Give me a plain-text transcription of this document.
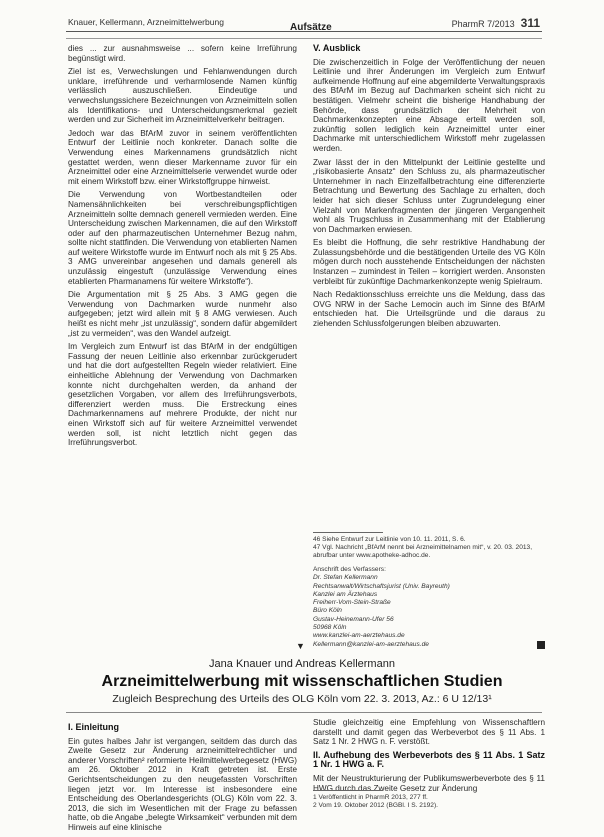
Knauer, Kellermann, Arzneimittelwerbung	Aufsätze	PharmR 7/2013 311

dies ... zur ausnahmsweise ... sofern keine Irreführung begünstigt wird.

Ziel ist es, Verwechslungen und Fehlanwendungen durch unklare, irreführende und verharmlosende Namen künftig verlässlich auszuschließen. Eindeutige und verwechslungssichere Bezeichnungen von Arzneimitteln sollen als Identifikations- und Unterscheidungsmerkmal gezielt werden und zur Sicherheit im Arzneimittelverkehr beitragen.

Jedoch war das BfArM zuvor in seinem veröffentlichten Entwurf der Leitlinie noch konkreter. Danach sollte die Verwendung eines Markennamens grundsätzlich nicht gestattet werden, wenn dieser Markenname zuvor für ein Arzneimittel oder eine Arzneimittelserie verwendet wurde oder mit einem Wirkstoff bzw. einer Wirkstoffgruppe hinweist.

Die Verwendung von Wortbestandteilen oder Namensähnlichkeiten bei verschreibungspflichtigen Arzneimitteln sollte demnach generell vermieden werden. Eine Unterscheidung zwischen Markennamen, die auf den Wirkstoff oder auf den pharmazeutischen Unternehmer Bezug nahm, sollte nicht stattfinden. Die Verwendung von etablierten Namen auf weitere Wirkstoffe wurde im Entwurf noch als mit § 25 Abs. 3 AMG unvereinbar angesehen und damals generell als unzulässig eingestuft (unzulässige Verwendung eines etablierten Pharmanamens für weitere Wirkstoffe“).

Die Argumentation mit § 25 Abs. 3 AMG gegen die Verwendung von Dachmarken wurde nunmehr also aufgegeben; jetzt wird allein mit § 8 AMG verwiesen. Auch heißt es nicht mehr „ist unzulässig“, sondern dafür abgemildert „ist zu vermeiden“, was den Wandel aufzeigt.

Im Vergleich zum Entwurf ist das BfArM in der endgültigen Fassung der neuen Leitlinie also erkennbar zurückgerudert und hat die dort aufgestellten Regeln wieder relativiert. Eine einheitliche Ablehnung der Verwendung von Dachmarken konnte nicht durchgehalten werden, da anhand der gesetzlichen Vorgaben, vor allem des Irreführungsverbots, differenziert werden muss. Die Erstreckung eines Dachmarkennamens auf mehrere Produkte, der nicht nur einen Wirkstoff sich auf für weitere Arzneimittel verwendet werden soll, ist nicht letztlich nicht gegen das Irreführungsverbot.

V. Ausblick

Die zwischenzeitlich in Folge der Veröffentlichung der neuen Leitlinie und ihrer Änderungen im Vergleich zum Entwurf aufkeimende Hoffnung auf eine abgemilderte Verwaltungspraxis des BfArM im Bezug auf Dachmarken scheint sich nicht zu bestätigen. Vielmehr scheint die bisherige Handhabung der Behörde, dass grundsätzlich der Mehrheit von Dachmarkenkonzepten eine Absage erteilt werden soll, zukünftig sollen lediglich kein Arzneimittel unter einer Dachmarke mit unterschiedlichem Wirkstoff mehr zugelassen werden.

Zwar lässt der in den Mittelpunkt der Leitlinie gestellte und „risikobasierte Ansatz“ den Schluss zu, als pharmazeutischer Unternehmer in nach Einzelfallbetrachtung eine differenzierte Betrachtung und Bewertung des Sachlage zu erhalten, doch leider hat sich dieser Schluss unter Zugrundelegung einer Vielzahl von Markenfragmenten der jüngeren Vergangenheit wohl als Trugschluss in Zusammenhang mit der Etablierung von Dachmarken erwiesen.

Es bleibt die Hoffnung, die sehr restriktive Handhabung der Zulassungsbehörde und die bestätigenden Urteile des VG Köln mögen durch noch ausstehende Entscheidungen der nächsten Instanzen – zumindest in Teilen – korrigiert werden. Ansonsten verbleibt für zukünftige Dachmarkenkonzepte wenig Spielraum.

Nach Redaktionsschluss erreichte uns die Meldung, dass das OVG NRW in der Sache Lemocin auch im Sinne des BfArM entschieden hat. Die Urteilsgründe und die daraus zu ziehenden Schlussfolgerungen bleiben abzuwarten.

46 Siehe Entwurf zur Leitlinie von 10. 11. 2011, S. 6.

47 Vgl. Nachricht „BfArM nennt bei Arzneimittelnamen mit“, v. 20. 03. 2013, abrufbar unter www.apotheke-adhoc.de.

Anschrift des Verfassers:
Dr. Stefan Kellermann
Rechtsanwalt/Wirtschaftsjurist (Univ. Bayreuth)
Kanzlei am Ärztehaus
Freiherr-Vom-Stein-Straße
Büro Köln
Gustav-Heinemann-Ufer 56
50968 Köln
www.kanzlei-am-aerztehaus.de
Kellermann@kanzlei-am-aerztehaus.de
▼
Jana Knauer und Andreas Kellermann
Arzneimittelwerbung mit wissenschaftlichen Studien
Zugleich Besprechung des Urteils des OLG Köln vom 22. 3. 2013, Az.: 6 U 12/13¹
I. Einleitung

Ein gutes halbes Jahr ist vergangen, seitdem das durch das Zweite Gesetz zur Änderung arzneimittelrechtlicher und anderer Vorschriften² reformierte Heilmittelwerbegesetz (HWG) am 26. Oktober 2012 in Kraft getreten ist. Erste Gerichtsentscheidungen zu den neugefassten Vorschriften liegen jetzt vor. Im Interesse ist insbesondere eine Entscheidung des Oberlandesgerichts (OLG) Köln vom 22. 3. 2013, die sich im Wesentlichen mit der Frage zu befassen hatte, ob die Angabe „belegte Wirksamkeit“ verbunden mit dem Hinweis auf eine klinische

Studie gleichzeitig eine Empfehlung von Wissenschaftlern darstellt und damit gegen das Werbeverbot des § 11 Abs. 1 Satz 1 Nr. 2 HWG n. F. verstößt.

II. Aufhebung des Werbeverbots des § 11 Abs. 1 Satz 1 Nr. 1 HWG a. F.

Mit der Neustrukturierung der Publikumswerbeverbote des § 11 HWG durch das Zweite Gesetz zur Änderung

1 Veröffentlicht in PharmR 2013, 277 ff.

2 Vom 19. Oktober 2012 (BGBl. I S. 2192).
